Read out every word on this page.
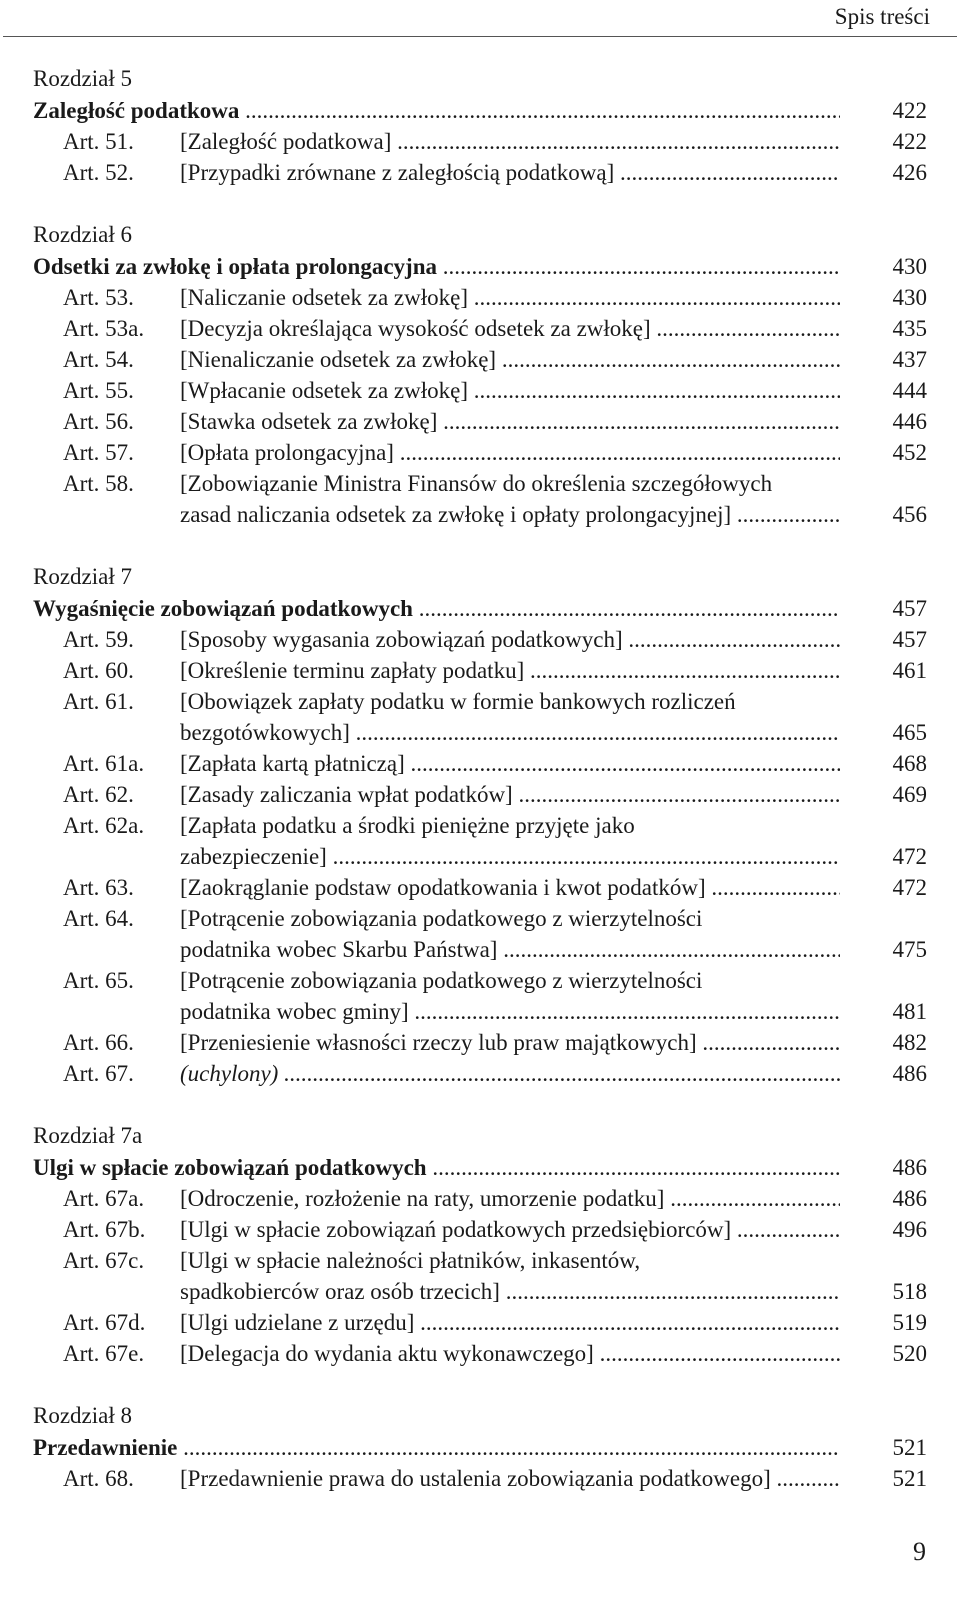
Spis treści
Rozdział 5
Zaległość podatkowa .....	422
Art. 51. [Zaległość podatkowa] .....	422
Art. 52. [Przypadki zrównane z zaległością podatkową] .....	426
Rozdział 6
Odsetki za zwłokę i opłata prolongacyjna .....	430
Art. 53. [Naliczanie odsetek za zwłokę] .....	430
Art. 53a. [Decyzja określająca wysokość odsetek za zwłokę] .....	435
Art. 54. [Nienaliczanie odsetek za zwłokę] .....	437
Art. 55. [Wpłacanie odsetek za zwłokę] .....	444
Art. 56. [Stawka odsetek za zwłokę] .....	446
Art. 57. [Opłata prolongacyjna] .....	452
Art. 58. [Zobowiązanie Ministra Finansów do określenia szczegółowych
zasad naliczania odsetek za zwłokę i opłaty prolongacyjnej] .....	456
Rozdział 7
Wygaśnięcie zobowiązań podatkowych .....	457
Art. 59. [Sposoby wygasania zobowiązań podatkowych] .....	457
Art. 60. [Określenie terminu zapłaty podatku] .....	461
Art. 61. [Obowiązek zapłaty podatku w formie bankowych rozliczeń
bezgotówkowych] .....	465
Art. 61a. [Zapłata kartą płatniczą] .....	468
Art. 62. [Zasady zaliczania wpłat podatków] .....	469
Art. 62a. [Zapłata podatku a środki pieniężne przyjęte jako
zabezpieczenie] .....	472
Art. 63. [Zaokrąglanie podstaw opodatkowania i kwot podatków] .....	472
Art. 64. [Potrącenie zobowiązania podatkowego z wierzytelności
podatnika wobec Skarbu Państwa] .....	475
Art. 65. [Potrącenie zobowiązania podatkowego z wierzytelności
podatnika wobec gminy] .....	481
Art. 66. [Przeniesienie własności rzeczy lub praw majątkowych] .....	482
Art. 67. (uchylony) .....	486
Rozdział 7a
Ulgi w spłacie zobowiązań podatkowych .....	486
Art. 67a. [Odroczenie, rozłożenie na raty, umorzenie podatku] .....	486
Art. 67b. [Ulgi w spłacie zobowiązań podatkowych przedsiębiorców] .....	496
Art. 67c. [Ulgi w spłacie należności płatników, inkasentów,
spadkobierców oraz osób trzecich] .....	518
Art. 67d. [Ulgi udzielane z urzędu] .....	519
Art. 67e. [Delegacja do wydania aktu wykonawczego] .....	520
Rozdział 8
Przedawnienie .....	521
Art. 68. [Przedawnienie prawa do ustalenia zobowiązania podatkowego] .....	521
9
